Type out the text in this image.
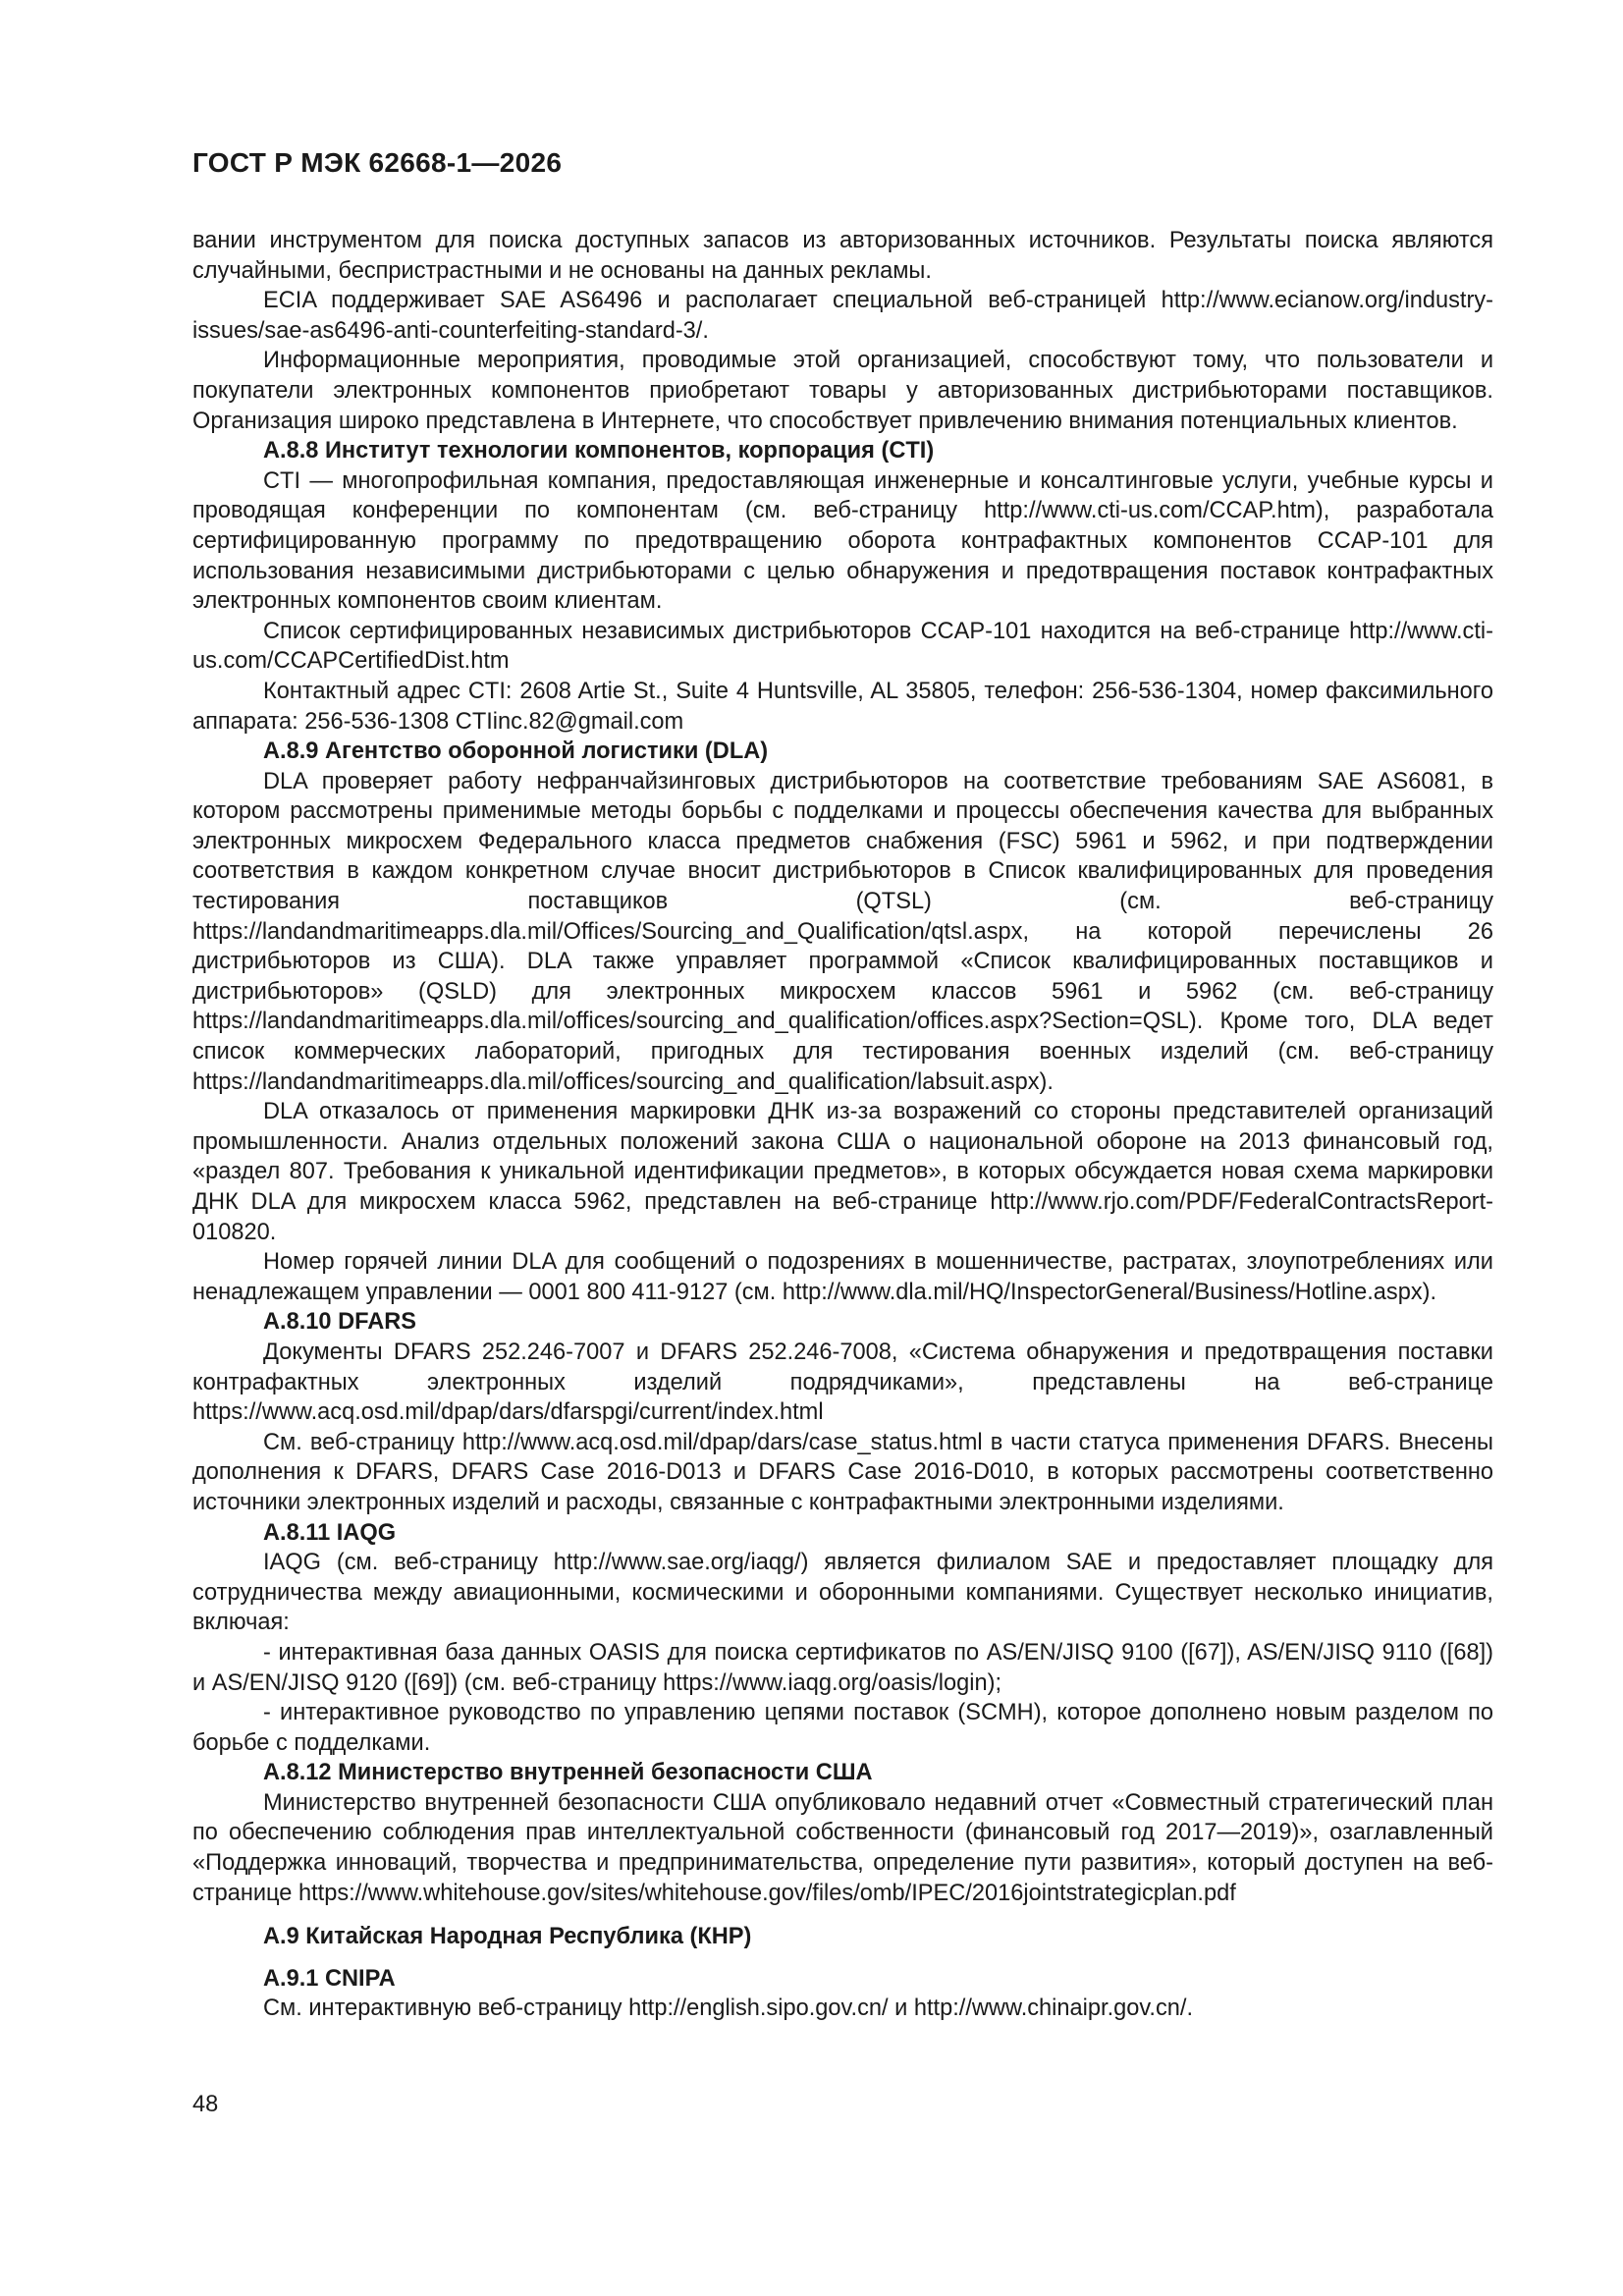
ГОСТ Р МЭК 62668-1—2026

вании инструментом для поиска доступных запасов из авторизованных источников. Результаты поиска являются случайными, беспристрастными и не основаны на данных рекламы.

ECIA поддерживает SAE AS6496 и располагает специальной веб-страницей http://www.ecianow.org/industry-issues/sae-as6496-anti-counterfeiting-standard-3/.

Информационные мероприятия, проводимые этой организацией, способствуют тому, что пользователи и покупатели электронных компонентов приобретают товары у авторизованных дистрибьюторами поставщиков. Организация широко представлена в Интернете, что способствует привлечению внимания потенциальных клиентов.

А.8.8 Институт технологии компонентов, корпорация (CTI)

CTI — многопрофильная компания, предоставляющая инженерные и консалтинговые услуги, учебные курсы и проводящая конференции по компонентам (см. веб-страницу http://www.cti-us.com/CCAP.htm), разработала сертифицированную программу по предотвращению оборота контрафактных компонентов CCAP-101 для использования независимыми дистрибьюторами с целью обнаружения и предотвращения поставок контрафактных электронных компонентов своим клиентам.

Список сертифицированных независимых дистрибьюторов CCAP-101 находится на веб-странице http://www.cti-us.com/CCAPCertifiedDist.htm

Контактный адрес CTI: 2608 Artie St., Suite 4 Huntsville, AL 35805, телефон: 256-536-1304, номер факсимильного аппарата: 256-536-1308 CTIinc.82@gmail.com

А.8.9 Агентство оборонной логистики (DLA)

DLA проверяет работу нефранчайзинговых дистрибьюторов на соответствие требованиям SAE AS6081, в котором рассмотрены применимые методы борьбы с подделками и процессы обеспечения качества для выбранных электронных микросхем Федерального класса предметов снабжения (FSC) 5961 и 5962, и при подтверждении соответствия в каждом конкретном случае вносит дистрибьюторов в Список квалифицированных для проведения тестирования поставщиков (QTSL) (см. веб-страницу https://landandmaritimeapps.dla.mil/Offices/Sourcing_and_Qualification/qtsl.aspx, на которой перечислены 26 дистрибьюторов из США). DLA также управляет программой «Список квалифицированных поставщиков и дистрибьюторов» (QSLD) для электронных микросхем классов 5961 и 5962 (см. веб-страницу https://landandmaritimeapps.dla.mil/offices/sourcing_and_qualification/offices.aspx?Section=QSL). Кроме того, DLA ведет список коммерческих лабораторий, пригодных для тестирования военных изделий (см. веб-страницу https://landandmaritimeapps.dla.mil/offices/sourcing_and_qualification/labsuit.aspx).

DLA отказалось от применения маркировки ДНК из-за возражений со стороны представителей организаций промышленности. Анализ отдельных положений закона США о национальной обороне на 2013 финансовый год, «раздел 807. Требования к уникальной идентификации предметов», в которых обсуждается новая схема маркировки ДНК DLA для микросхем класса 5962, представлен на веб-странице http://www.rjo.com/PDF/FederalContractsReport-010820.

Номер горячей линии DLA для сообщений о подозрениях в мошенничестве, растратах, злоупотреблениях или ненадлежащем управлении — 0001 800 411-9127 (см. http://www.dla.mil/HQ/InspectorGeneral/Business/Hotline.aspx).

А.8.10 DFARS

Документы DFARS 252.246-7007 и DFARS 252.246-7008, «Система обнаружения и предотвращения поставки контрафактных электронных изделий подрядчиками», представлены на веб-странице https://www.acq.osd.mil/dpap/dars/dfarspgi/current/index.html

См. веб-страницу http://www.acq.osd.mil/dpap/dars/case_status.html в части статуса применения DFARS. Внесены дополнения к DFARS, DFARS Case 2016-D013 и DFARS Case 2016-D010, в которых рассмотрены соответственно источники электронных изделий и расходы, связанные с контрафактными электронными изделиями.

А.8.11 IAQG

IAQG (см. веб-страницу http://www.sae.org/iaqg/) является филиалом SAE и предоставляет площадку для сотрудничества между авиационными, космическими и оборонными компаниями. Существует несколько инициатив, включая:

- интерактивная база данных OASIS для поиска сертификатов по AS/EN/JISQ 9100 ([67]), AS/EN/JISQ 9110 ([68]) и AS/EN/JISQ 9120 ([69]) (см. веб-страницу https://www.iaqg.org/oasis/login);

- интерактивное руководство по управлению цепями поставок (SCMH), которое дополнено новым разделом по борьбе с подделками.

А.8.12 Министерство внутренней безопасности США

Министерство внутренней безопасности США опубликовало недавний отчет «Совместный стратегический план по обеспечению соблюдения прав интеллектуальной собственности (финансовый год 2017—2019)», озаглавленный «Поддержка инноваций, творчества и предпринимательства, определение пути развития», который доступен на веб-странице https://www.whitehouse.gov/sites/whitehouse.gov/files/omb/IPEC/2016jointstrategicplan.pdf

А.9 Китайская Народная Республика (КНР)
А.9.1 CNIPA

См. интерактивную веб-страницу http://english.sipo.gov.cn/ и http://www.chinaipr.gov.cn/.

48
